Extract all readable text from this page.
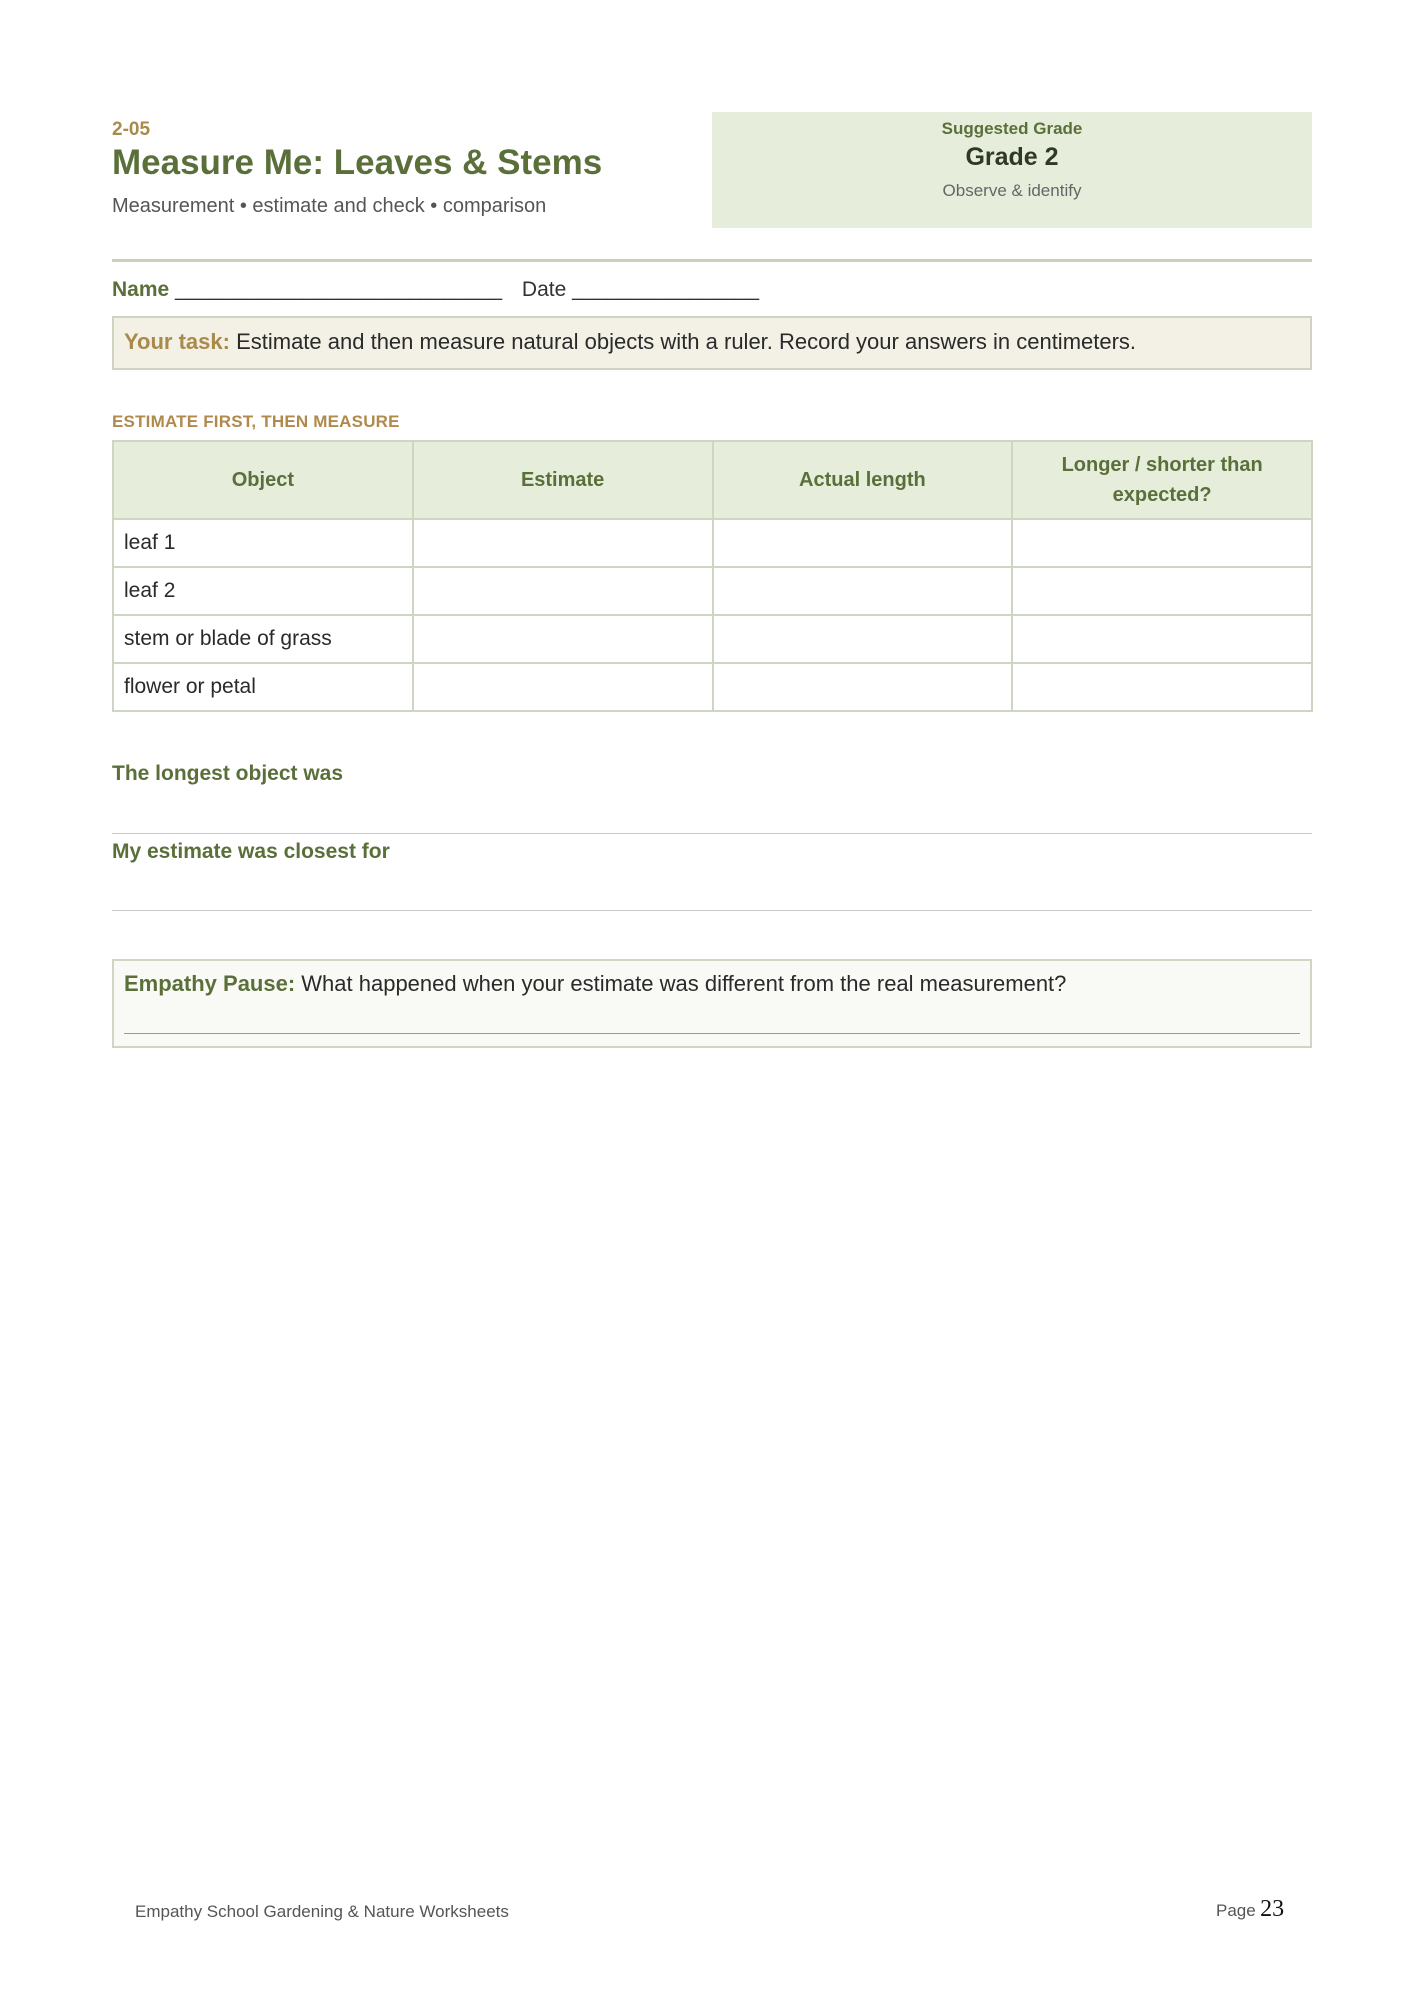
2-05
Measure Me: Leaves & Stems
Measurement • estimate and check • comparison
Suggested Grade
Grade 2
Observe & identify
Name ____________________________ Date ________________
Your task: Estimate and then measure natural objects with a ruler. Record your answers in centimeters.
ESTIMATE FIRST, THEN MEASURE
Object	Estimate	Actual length	Longer / shorter than expected?
leaf 1			
leaf 2			
stem or blade of grass			
flower or petal			
The longest object was
My estimate was closest for
Empathy Pause: What happened when your estimate was different from the real measurement?
Empathy School Gardening & Nature Worksheets	Page 23
